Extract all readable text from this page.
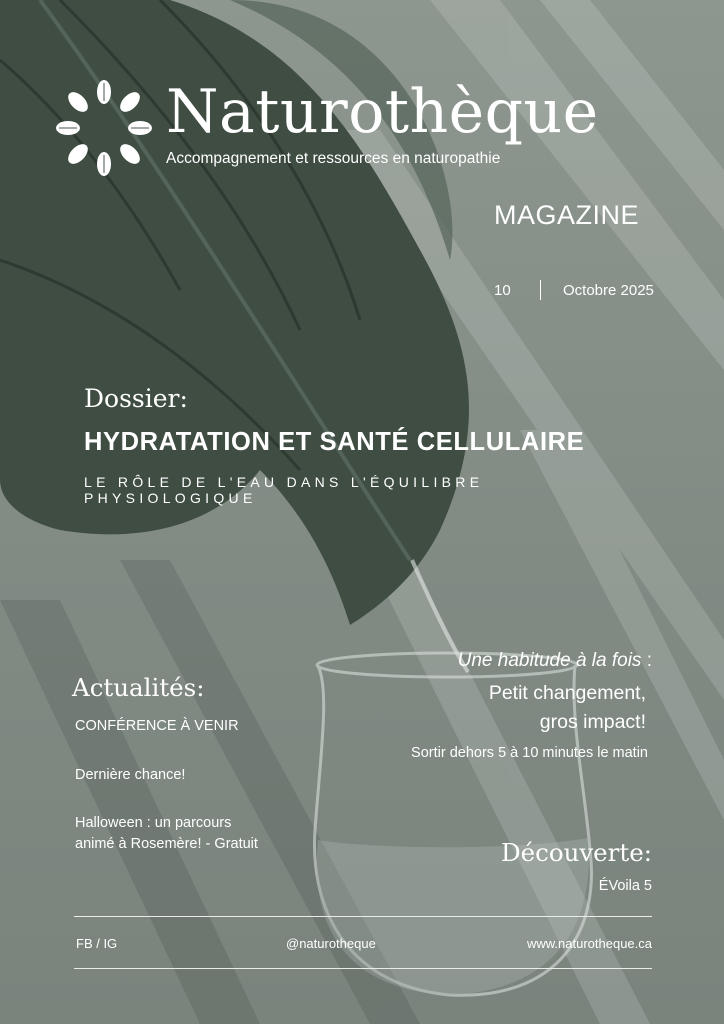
Naturothèque
Accompagnement et ressources en naturopathie
MAGAZINE
10	Octobre 2025
Dossier:
HYDRATATION ET SANTÉ CELLULAIRE
LE RÔLE DE L'EAU DANS L'ÉQUILIBRE PHYSIOLOGIQUE
Une habitude à la fois :
Petit changement,
gros impact!
Sortir dehors 5 à 10 minutes le matin
Actualités:
CONFÉRENCE À VENIR
Dernière chance!
Halloween : un parcours
animé à Rosemère! - Gratuit	Découverte:
ÉVoila 5
FB / IG	@naturotheque	www.naturotheque.ca
